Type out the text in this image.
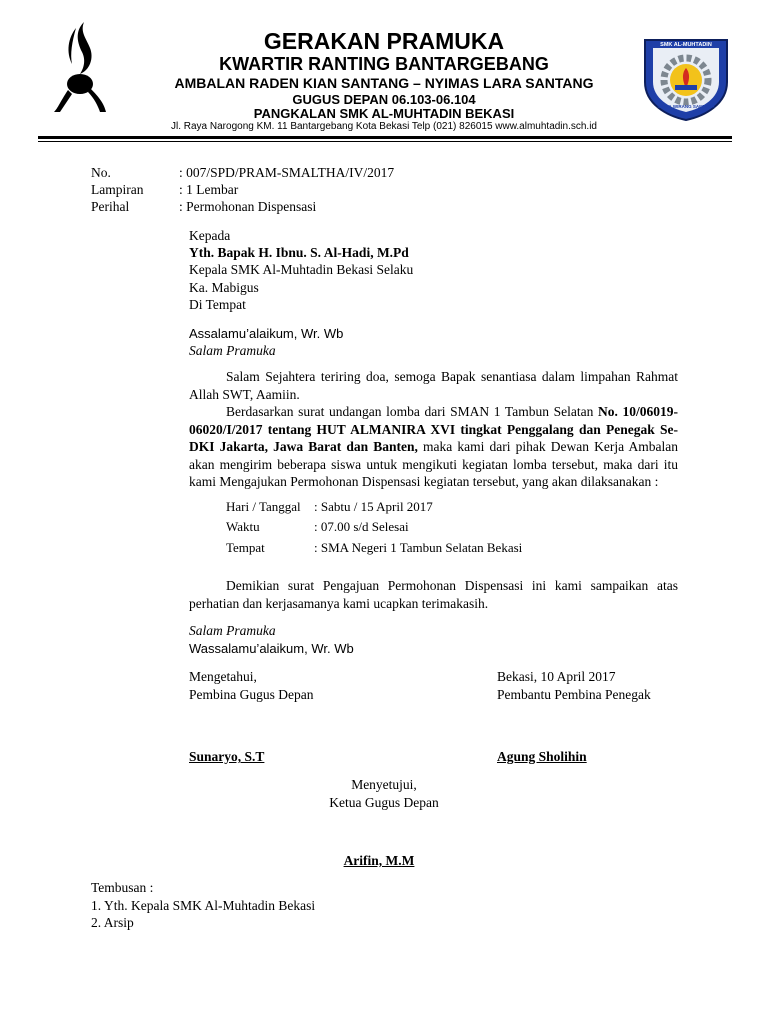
GERAKAN PRAMUKA
KWARTIR RANTING BANTARGEBANG
AMBALAN RADEN KIAN SANTANG – NYIMAS LARA SANTANG
GUGUS DEPAN 06.103-06.104
PANGKALAN SMK AL-MUHTADIN BEKASI
Jl. Raya Narogong KM. 11 Bantargebang Kota Bekasi Telp (021) 826015 www.almuhtadin.sch.id
SMK AL-MUHTADIN
SATYA WIRANG SANTOSA
No.	: 007/SPD/PRAM-SMALTHA/IV/2017
Lampiran	: 1 Lembar
Perihal	: Permohonan Dispensasi
Kepada
Yth. Bapak H. Ibnu. S. Al-Hadi, M.Pd
Kepala SMK Al-Muhtadin Bekasi Selaku
Ka. Mabigus
Di Tempat
Assalamu’alaikum, Wr. Wb
Salam Pramuka
Salam Sejahtera teriring doa, semoga Bapak senantiasa dalam limpahan Rahmat Allah SWT, Aamiin.
Berdasarkan surat undangan lomba dari SMAN 1 Tambun Selatan No. 10/06019-06020/I/2017 tentang HUT ALMANIRA XVI tingkat Penggalang dan Penegak Se-DKI Jakarta, Jawa Barat dan Banten, maka kami dari pihak Dewan Kerja Ambalan akan mengirim beberapa siswa untuk mengikuti kegiatan lomba tersebut, maka dari itu kami Mengajukan Permohonan Dispensasi kegiatan tersebut, yang akan dilaksanakan :
Hari / Tanggal : Sabtu / 15 April 2017
Waktu	: 07.00 s/d Selesai
Tempat	: SMA Negeri 1 Tambun Selatan Bekasi
Demikian surat Pengajuan Permohonan Dispensasi ini kami sampaikan atas perhatian dan kerjasamanya kami ucapkan terimakasih.
Salam Pramuka
Wassalamu’alaikum, Wr. Wb
Mengetahui,
Pembina Gugus Depan
Bekasi, 10 April 2017
Pembantu Pembina Penegak
Sunaryo, S.T	Agung Sholihin
Menyetujui,
Ketua Gugus Depan
Arifin, M.M
Tembusan :
1. Yth. Kepala SMK Al-Muhtadin Bekasi
2. Arsip
